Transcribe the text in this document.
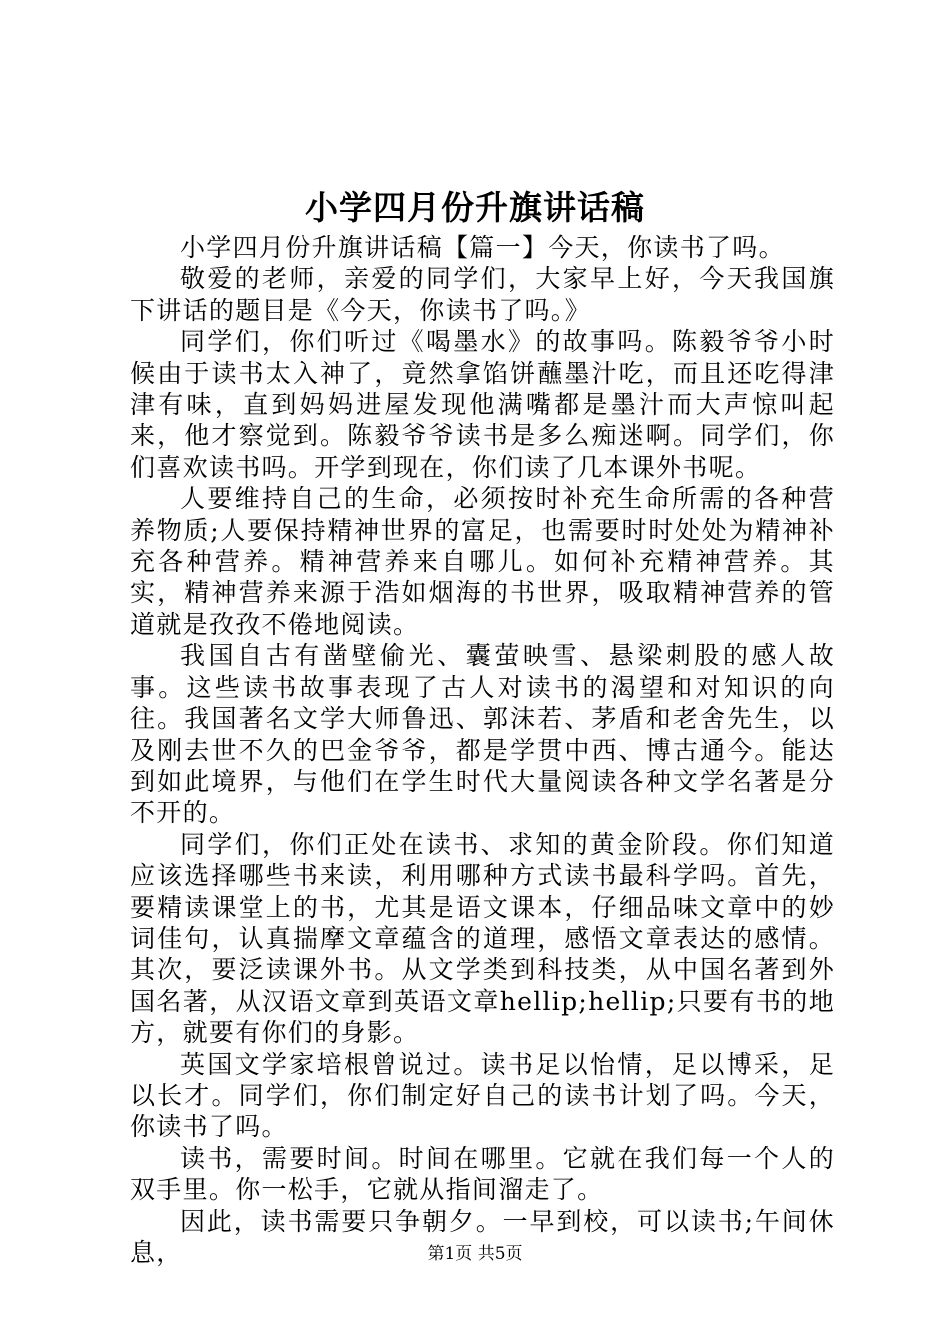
小学四月份升旗讲话稿

小学四月份升旗讲话稿【篇一】今天，你读书了吗。

敬爱的老师，亲爱的同学们，大家早上好，今天我国旗下讲话的题目是《今天，你读书了吗。》

同学们，你们听过《喝墨水》的故事吗。陈毅爷爷小时候由于读书太入神了，竟然拿馅饼蘸墨汁吃，而且还吃得津津有味，直到妈妈进屋发现他满嘴都是墨汁而大声惊叫起来，他才察觉到。陈毅爷爷读书是多么痴迷啊。同学们，你们喜欢读书吗。开学到现在，你们读了几本课外书呢。

人要维持自己的生命，必须按时补充生命所需的各种营养物质;人要保持精神世界的富足，也需要时时处处为精神补充各种营养。精神营养来自哪儿。如何补充精神营养。其实，精神营养来源于浩如烟海的书世界，吸取精神营养的管道就是孜孜不倦地阅读。

我国自古有凿壁偷光、囊萤映雪、悬梁刺股的感人故事。这些读书故事表现了古人对读书的渴望和对知识的向往。我国著名文学大师鲁迅、郭沫若、茅盾和老舍先生，以及刚去世不久的巴金爷爷，都是学贯中西、博古通今。能达到如此境界，与他们在学生时代大量阅读各种文学名著是分不开的。

同学们，你们正处在读书、求知的黄金阶段。你们知道应该选择哪些书来读，利用哪种方式读书最科学吗。首先，要精读课堂上的书，尤其是语文课本，仔细品味文章中的妙词佳句，认真揣摩文章蕴含的道理，感悟文章表达的感情。其次，要泛读课外书。从文学类到科技类，从中国名著到外国名著，从汉语文章到英语文章hellip;hellip;只要有书的地方，就要有你们的身影。

英国文学家培根曾说过。读书足以怡情，足以博采，足以长才。同学们，你们制定好自己的读书计划了吗。今天，你读书了吗。

读书，需要时间。时间在哪里。它就在我们每一个人的双手里。你一松手，它就从指间溜走了。

因此，读书需要只争朝夕。一早到校，可以读书;午间休息，	第1页 共5页
